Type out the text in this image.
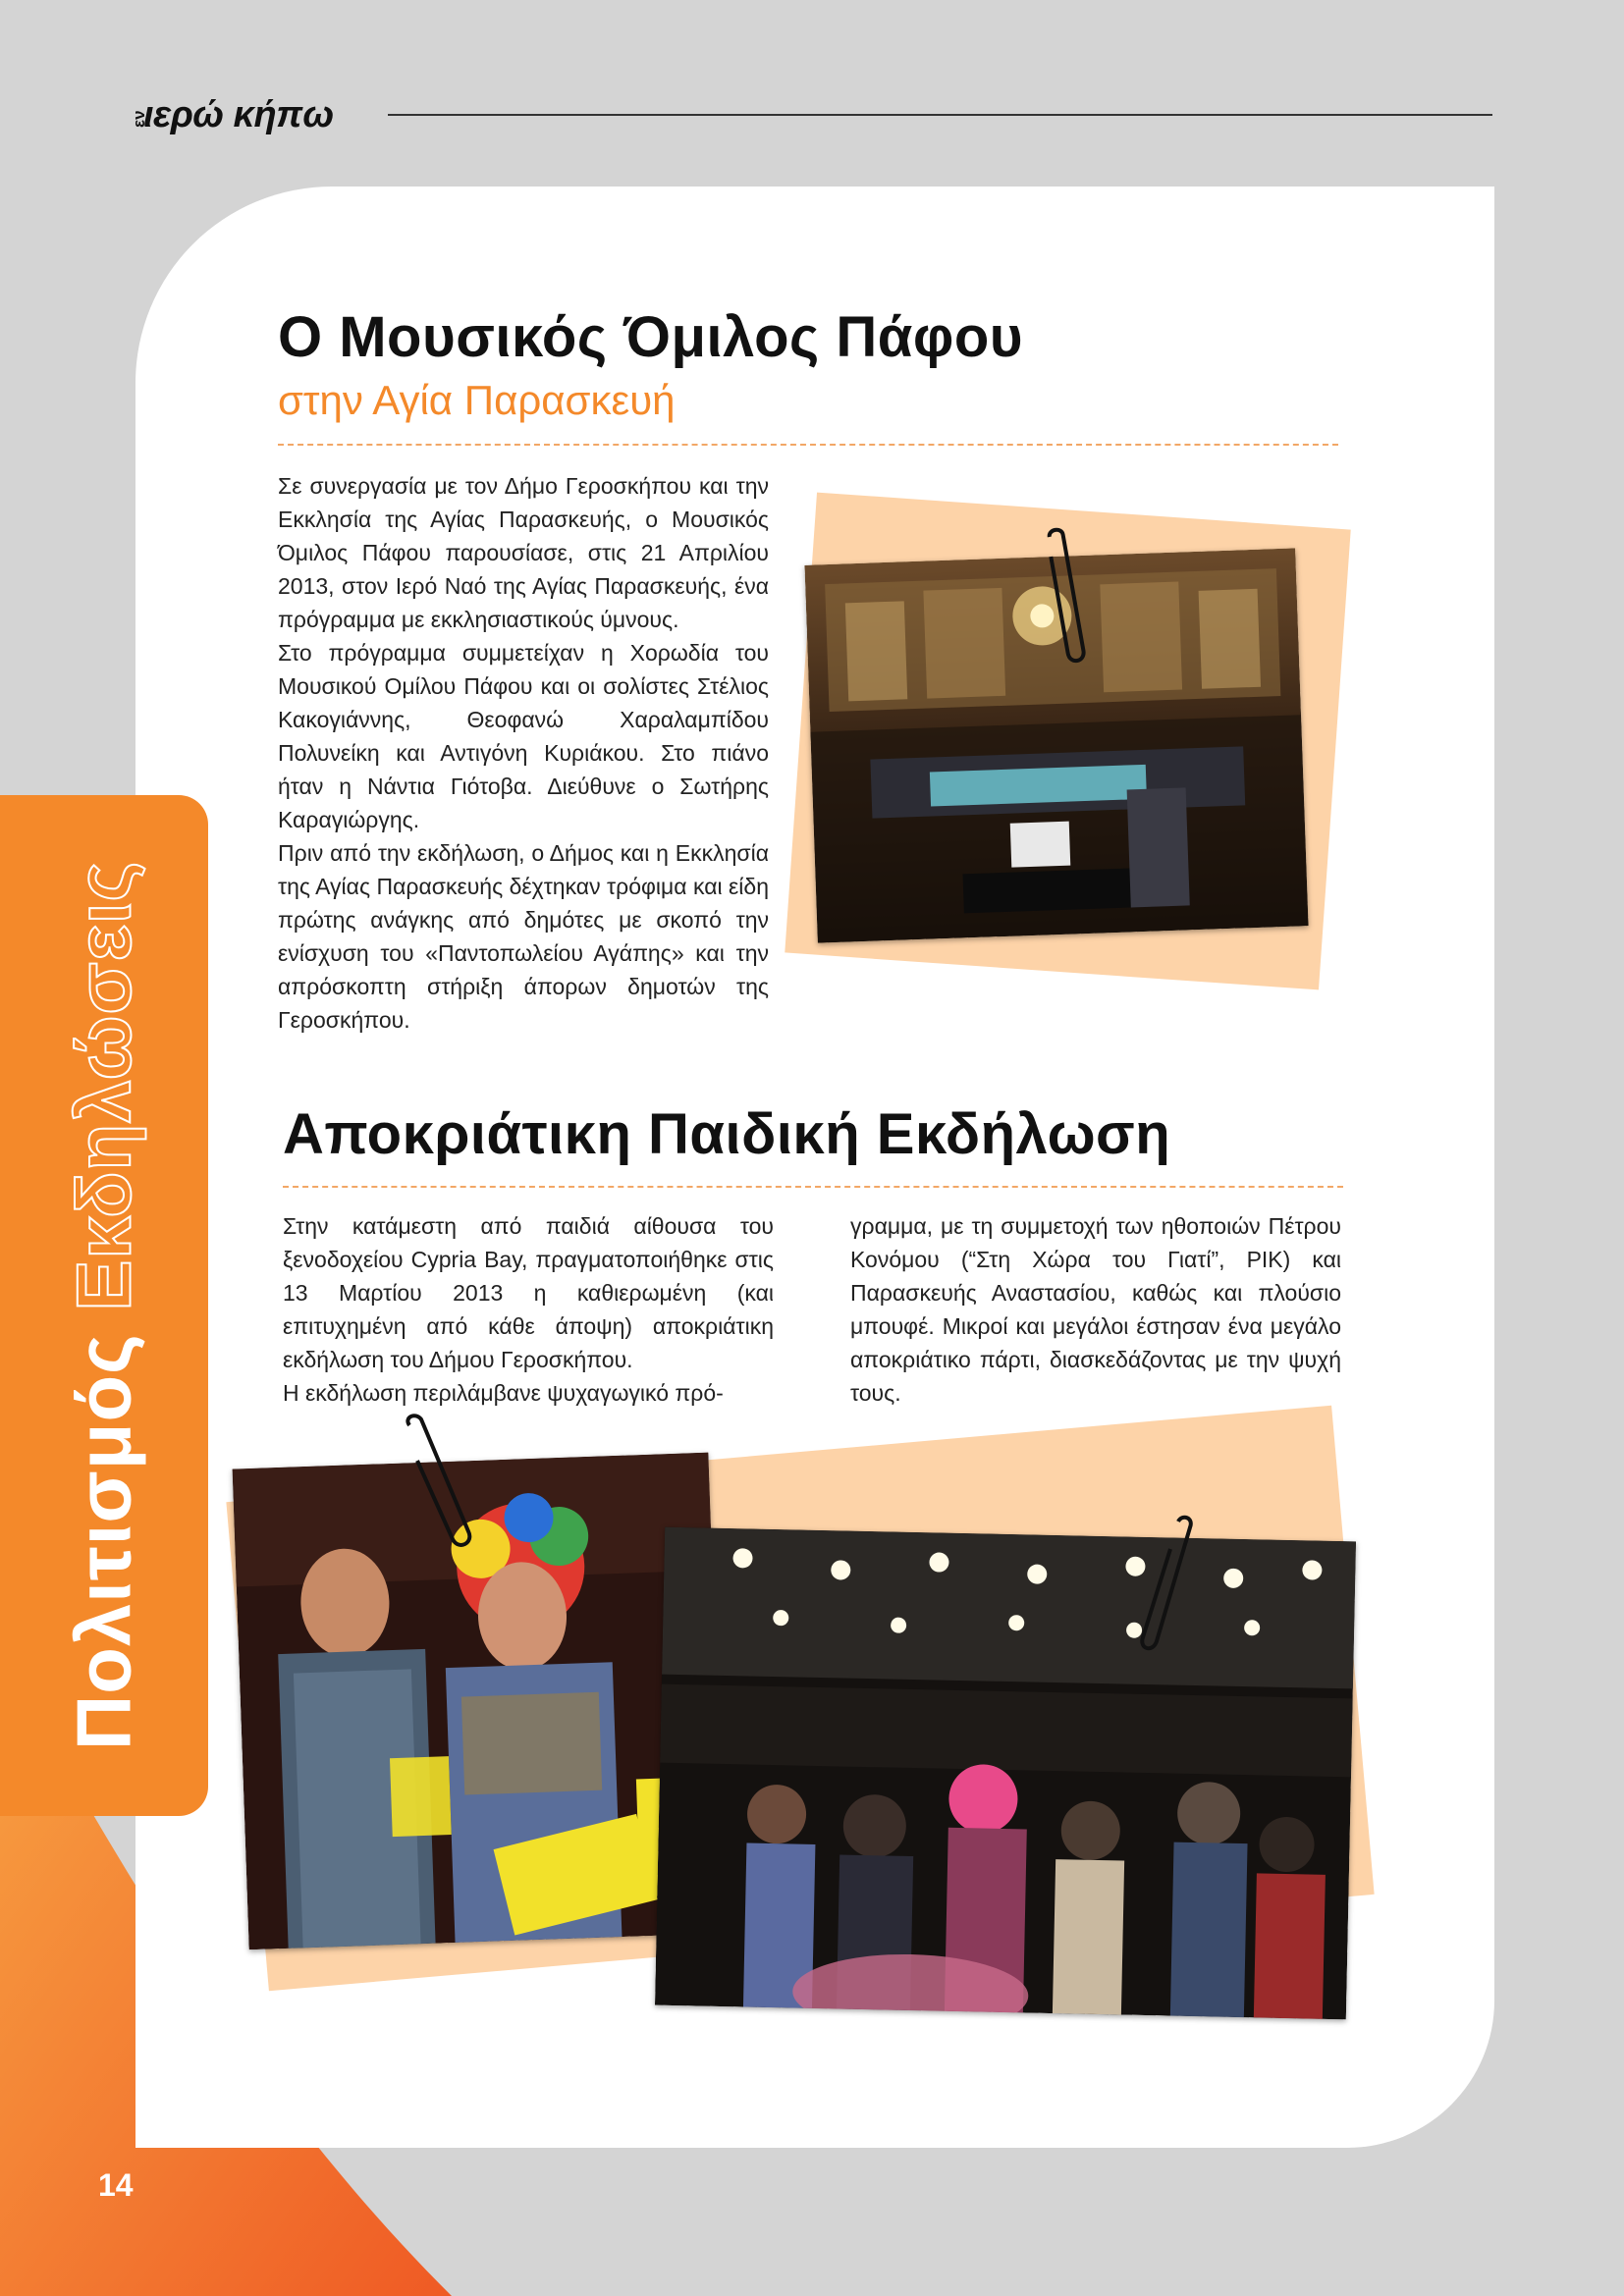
εν
ιερώ κήπω
Πολιτισμός Εκδηλώσεις
Ο Μουσικός Όμιλος Πάφου
στην Αγία Παρασκευή

Σε συνεργασία με τον Δήμο Γεροσκήπου και την Εκκλησία της Αγίας Παρασκευής, ο Μουσικός Όμιλος Πάφου παρουσίασε, στις 21 Απριλίου 2013, στον Ιερό Ναό της Αγίας Παρασκευής, ένα πρόγραμμα με εκκλησιαστικούς ύμνους.

Στο πρόγραμμα συμμετείχαν η Χορωδία του Μουσικού Ομίλου Πάφου και οι σολίστες Στέλιος Κακογιάννης, Θεοφανώ Χαραλαμπίδου Πολυνείκη και Αντιγόνη Κυριάκου. Στο πιάνο ήταν η Νάντια Γιότοβα. Διεύθυνε ο Σωτήρης Καραγιώργης.

Πριν από την εκδήλωση, ο Δήμος και η Εκκλησία της Αγίας Παρασκευής δέχτηκαν τρόφιμα και είδη πρώτης ανάγκης από δημότες με σκοπό την ενίσχυση του «Παντοπωλείου Αγάπης» και την απρόσκοπτη στήριξη άπορων δημοτών της Γεροσκήπου.

Αποκριάτικη Παιδική Εκδήλωση

Στην κατάμεστη από παιδιά αίθουσα του ξενοδοχείου Cypria Bay, πραγματοποιήθηκε στις 13 Μαρτίου 2013 η καθιερωμένη (και επιτυχημένη από κάθε άποψη) αποκριάτικη εκδήλωση του Δήμου Γεροσκήπου.

Η εκδήλωση περιλάμβανε ψυχαγωγικό πρό-

γραμμα, με τη συμμετοχή των ηθοποιών Πέτρου Κονόμου (“Στη Χώρα του Γιατί”, ΡΙΚ) και Παρασκευής Αναστασίου, καθώς και πλούσιο μπουφέ. Μικροί και μεγάλοι έστησαν ένα μεγάλο αποκριάτικο πάρτι, διασκεδάζοντας με την ψυχή τους.

14
